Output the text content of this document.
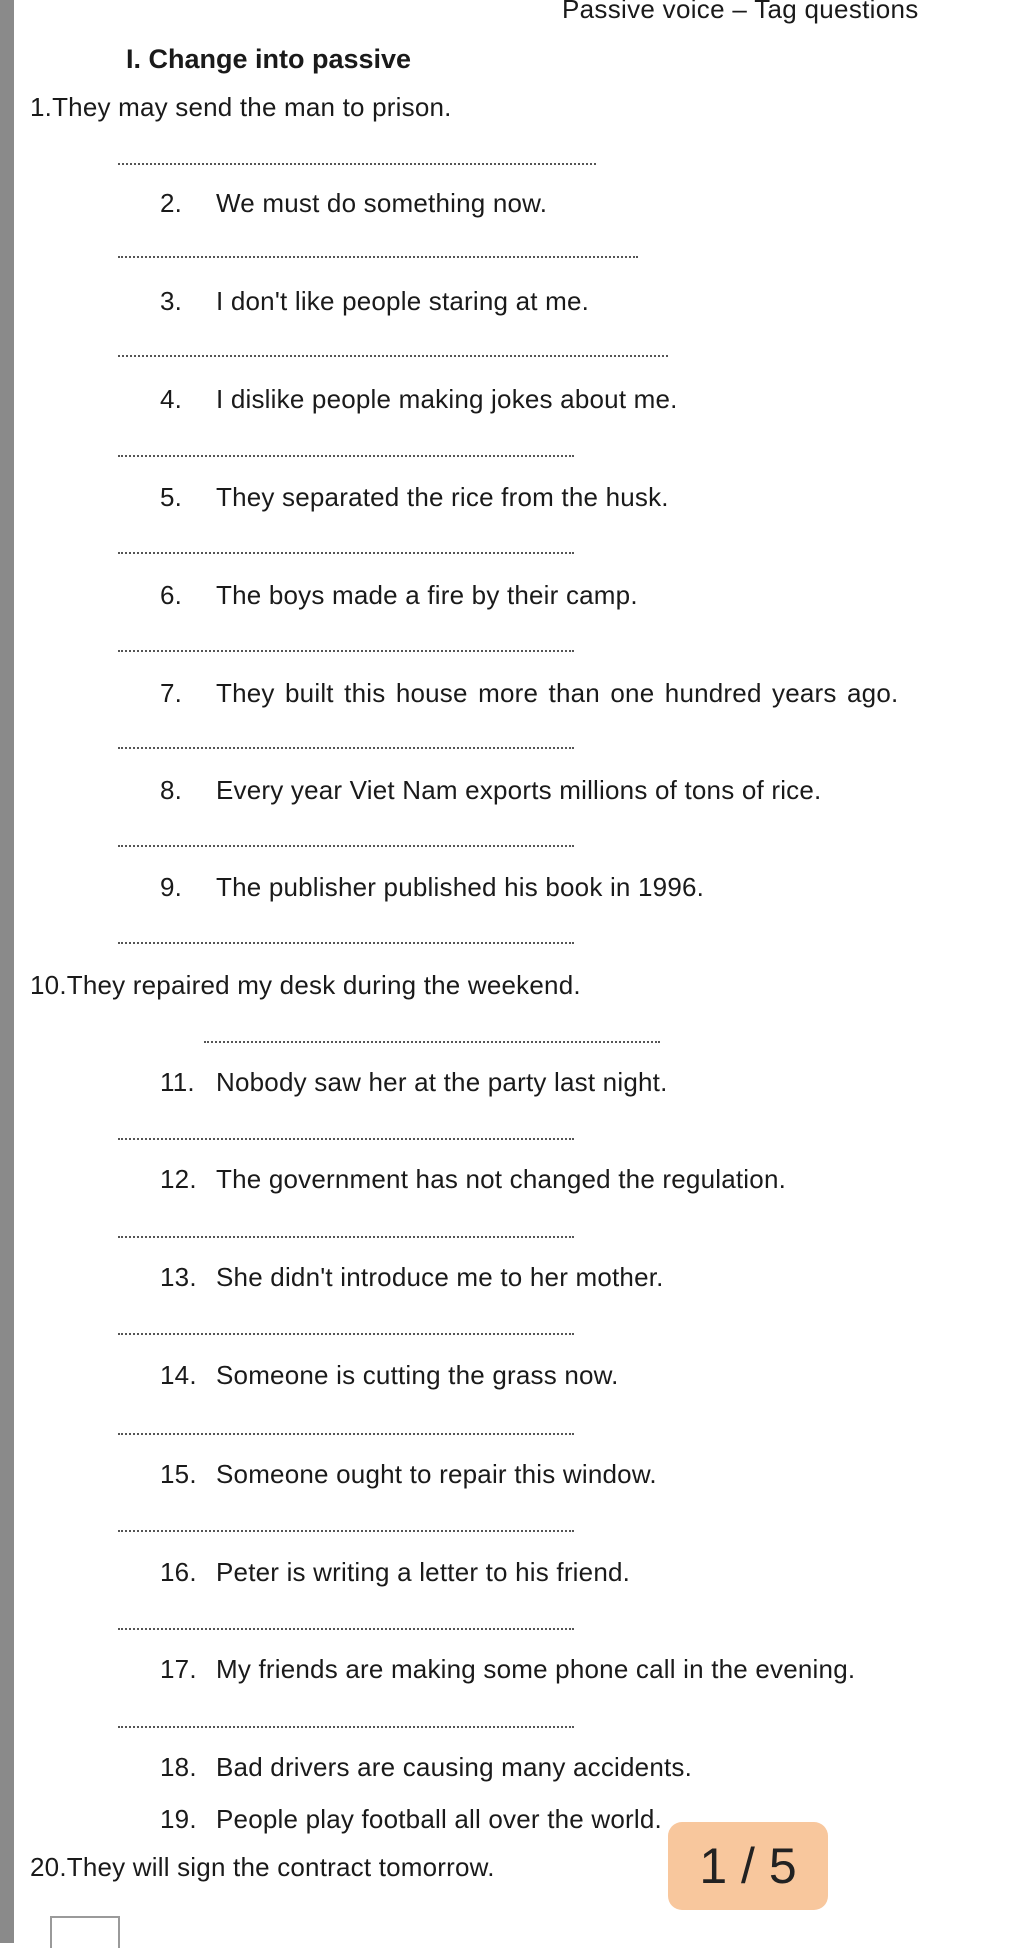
Passive voice – Tag questions
I. Change into passive
1.They may send the man to prison.
2. We must do something now.
3. I don't like people staring at me.
4. I dislike people making jokes about me.
5. They separated the rice from the husk.
6. The boys made a fire by their camp.
7. They built this house more than one hundred years ago.
8. Every year Viet Nam exports millions of tons of rice.
9. The publisher published his book in 1996.
10.They repaired my desk during the weekend.
11. Nobody saw her at the party last night.
12. The government has not changed the regulation.
13. She didn't introduce me to her mother.
14. Someone is cutting the grass now.
15. Someone ought to repair this window.
16. Peter is writing a letter to his friend.
17. My friends are making some phone call in the evening.
18. Bad drivers are causing many accidents.
19. People play football all over the world.
20.They will sign the contract tomorrow.	1 / 5
